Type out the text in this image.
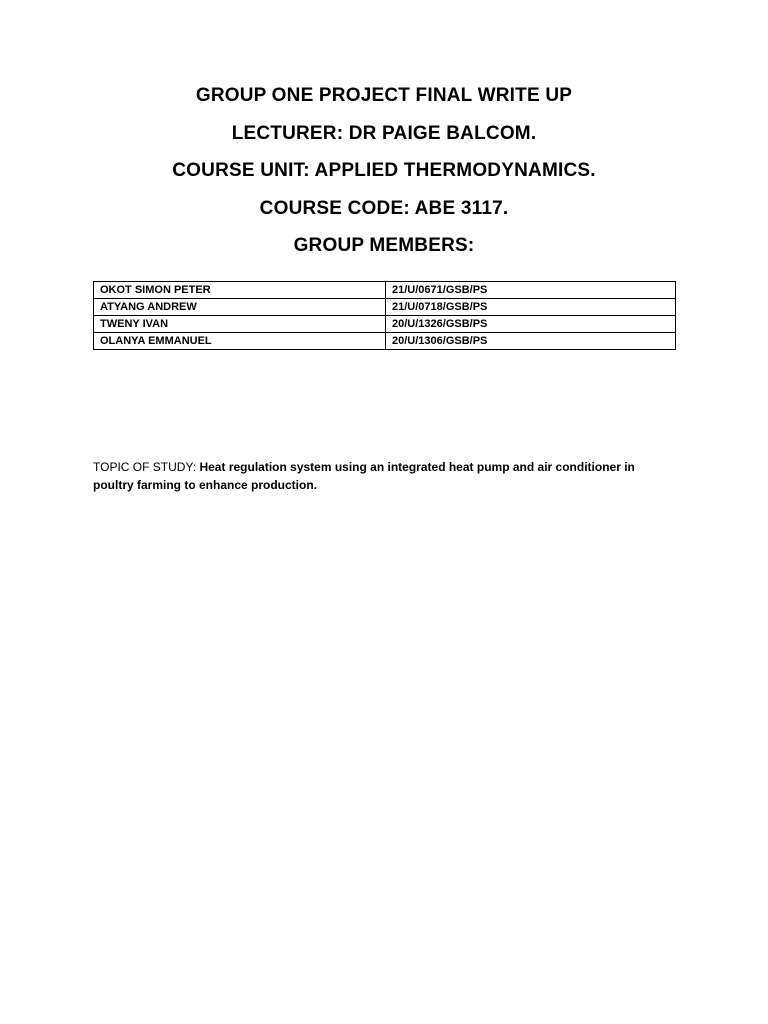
GROUP ONE PROJECT FINAL WRITE UP
LECTURER: DR PAIGE BALCOM.
COURSE UNIT: APPLIED THERMODYNAMICS.
COURSE CODE: ABE 3117.
GROUP MEMBERS:
OKOT SIMON PETER	21/U/0671/GSB/PS
ATYANG ANDREW	21/U/0718/GSB/PS
TWENY IVAN	20/U/1326/GSB/PS
OLANYA EMMANUEL	20/U/1306/GSB/PS
TOPIC OF STUDY: Heat regulation system using an integrated heat pump and air conditioner in poultry farming to enhance production.
